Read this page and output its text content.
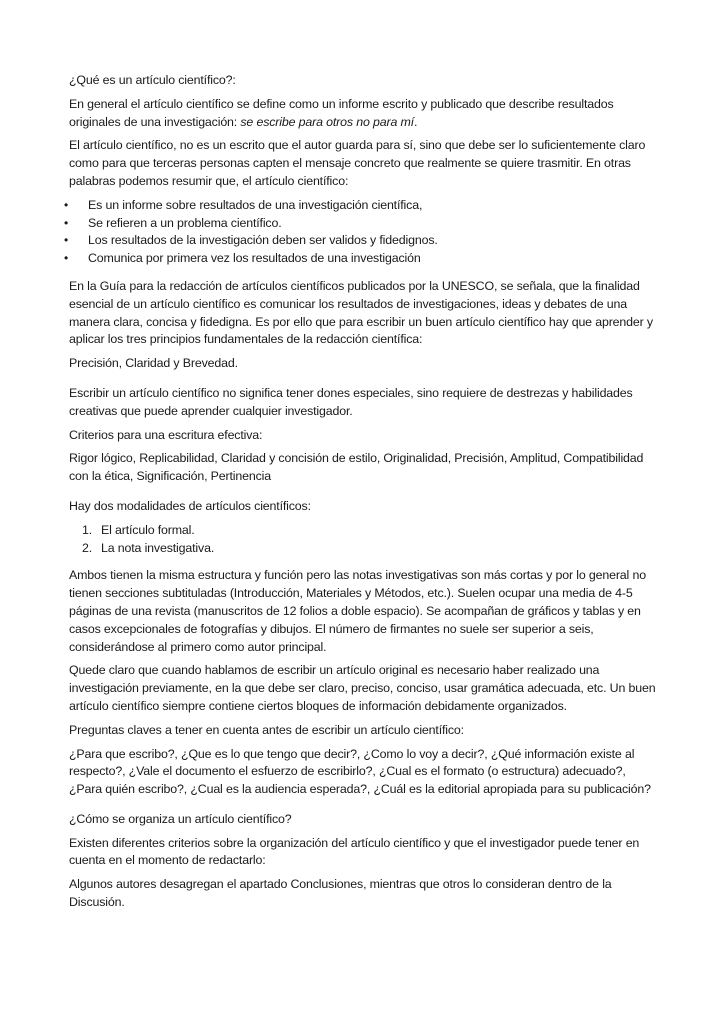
¿Qué es un artículo científico?:

En general el artículo científico se define como un informe escrito y publicado que describe resultados originales de una investigación: se escribe para otros no para mí.

El artículo científico, no es un escrito que el autor guarda para sí, sino que debe ser lo suficientemente claro como para que terceras personas capten el mensaje concreto que realmente se quiere trasmitir. En otras palabras podemos resumir que, el artículo científico:

• Es un informe sobre resultados de una investigación científica,
• Se refieren a un problema científico.
• Los resultados de la investigación deben ser validos y fidedignos.
• Comunica por primera vez los resultados de una investigación

En la Guía para la redacción de artículos científicos publicados por la UNESCO, se señala, que la finalidad esencial de un artículo científico es comunicar los resultados de investigaciones, ideas y debates de una manera clara, concisa y fidedigna. Es por ello que para escribir un buen artículo científico hay que aprender y aplicar los tres principios fundamentales de la redacción científica:

Precisión, Claridad y Brevedad.

Escribir un artículo científico no significa tener dones especiales, sino requiere de destrezas y habilidades creativas que puede aprender cualquier investigador.

Criterios para una escritura efectiva:

Rigor lógico, Replicabilidad, Claridad y concisión de estilo, Originalidad, Precisión, Amplitud, Compatibilidad con la ética, Significación, Pertinencia

Hay dos modalidades de artículos científicos:

1. El artículo formal.
2. La nota investigativa.

Ambos tienen la misma estructura y función pero las notas investigativas son más cortas y por lo general no tienen secciones subtituladas (Introducción, Materiales y Métodos, etc.). Suelen ocupar una media de 4-5 páginas de una revista (manuscritos de 12 folios a doble espacio). Se acompañan de gráficos y tablas y en casos excepcionales de fotografías y dibujos. El número de firmantes no suele ser superior a seis, considerándose al primero como autor principal.

Quede claro que cuando hablamos de escribir un artículo original es necesario haber realizado una investigación previamente, en la que debe ser claro, preciso, conciso, usar gramática adecuada, etc. Un buen artículo científico siempre contiene ciertos bloques de información debidamente organizados.

Preguntas claves a tener en cuenta antes de escribir un artículo científico:

¿Para que escribo?, ¿Que es lo que tengo que decir?, ¿Como lo voy a decir?, ¿Qué información existe al respecto?, ¿Vale el documento el esfuerzo de escribirlo?, ¿Cual es el formato (o estructura) adecuado?, ¿Para quién escribo?, ¿Cual es la audiencia esperada?, ¿Cuál es la editorial apropiada para su publicación?

¿Cómo se organiza un artículo científico?

Existen diferentes criterios sobre la organización del artículo científico y que el investigador puede tener en cuenta en el momento de redactarlo:

Algunos autores desagregan el apartado Conclusiones, mientras que otros lo consideran dentro de la Discusión.
